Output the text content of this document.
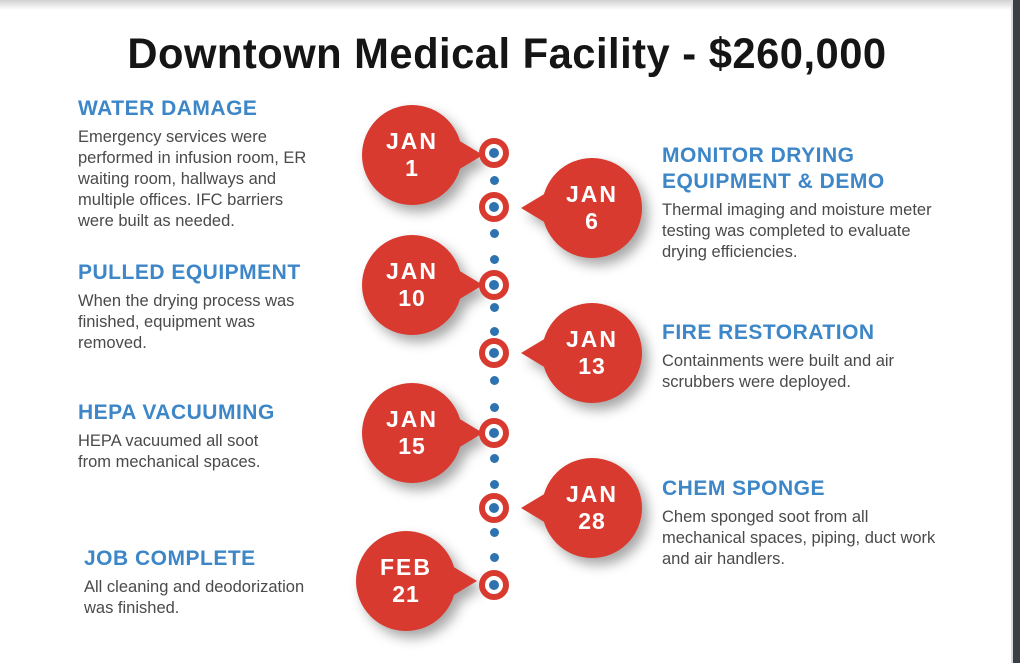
Downtown Medical Facility - $260,000
WATER DAMAGE
Emergency services were performed in infusion room, ER waiting room, hallways and multiple offices. IFC barriers were built as needed.
MONITOR DRYING EQUIPMENT & DEMO
Thermal imaging and moisture meter testing was completed to evaluate drying efficiencies.
PULLED EQUIPMENT
When the drying process was finished, equipment was removed.	FIRE RESTORATION
Containments were built and air scrubbers were deployed.
HEPA VACUUMING
HEPA vacuumed all soot from mechanical spaces.
CHEM SPONGE
Chem sponged soot from all mechanical spaces, piping, duct work and air handlers.
JOB COMPLETE
All cleaning and deodorization was finished.
JAN
1
JAN
6
JAN
10
JAN
13
JAN
15
JAN
28
FEB
21
